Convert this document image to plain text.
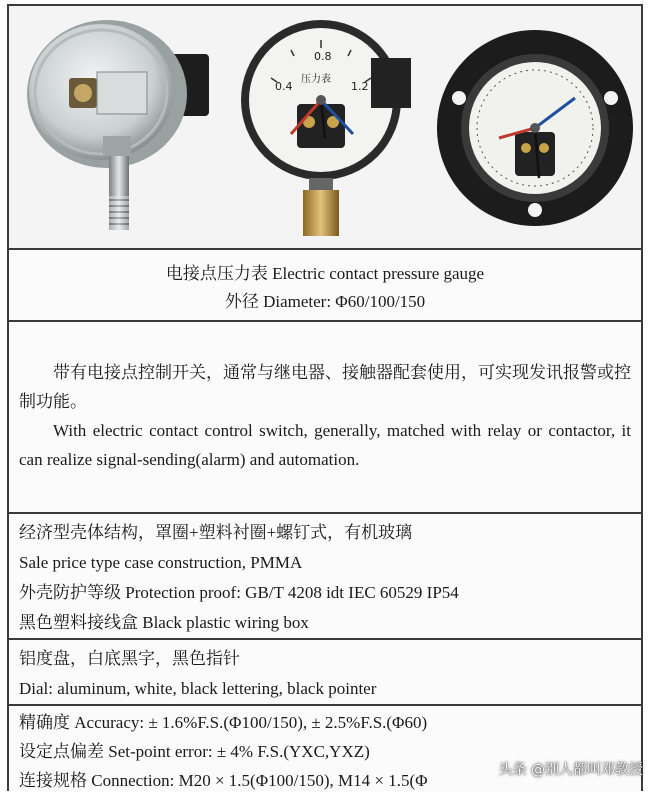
0.4
0.8
1.2
压力表
电接点压力表 Electric contact pressure gauge
外径 Diameter: Φ60/100/150
带有电接点控制开关，通常与继电器、接触器配套使用，可实现发讯报警或控制功能。
With electric contact control switch, generally, matched with relay or contactor, it can realize signal-sending(alarm) and automation.
经济型壳体结构，罩圈+塑料衬圈+螺钉式，有机玻璃
Sale price type case construction, PMMA
外壳防护等级 Protection proof: GB/T 4208 idt IEC 60529 IP54
黑色塑料接线盒 Black plastic wiring box
铝度盘，白底黑字，黑色指针
Dial: aluminum, white, black lettering, black pointer
精确度 Accuracy: ± 1.6%F.S.(Φ100/150), ± 2.5%F.S.(Φ60)
设定点偏差 Set-point error: ± 4% F.S.(YXC,YXZ)
连接规格 Connection: M20 × 1.5(Φ100/150), M14 × 1.5(Φ
头条 @别人都叫邓教授
